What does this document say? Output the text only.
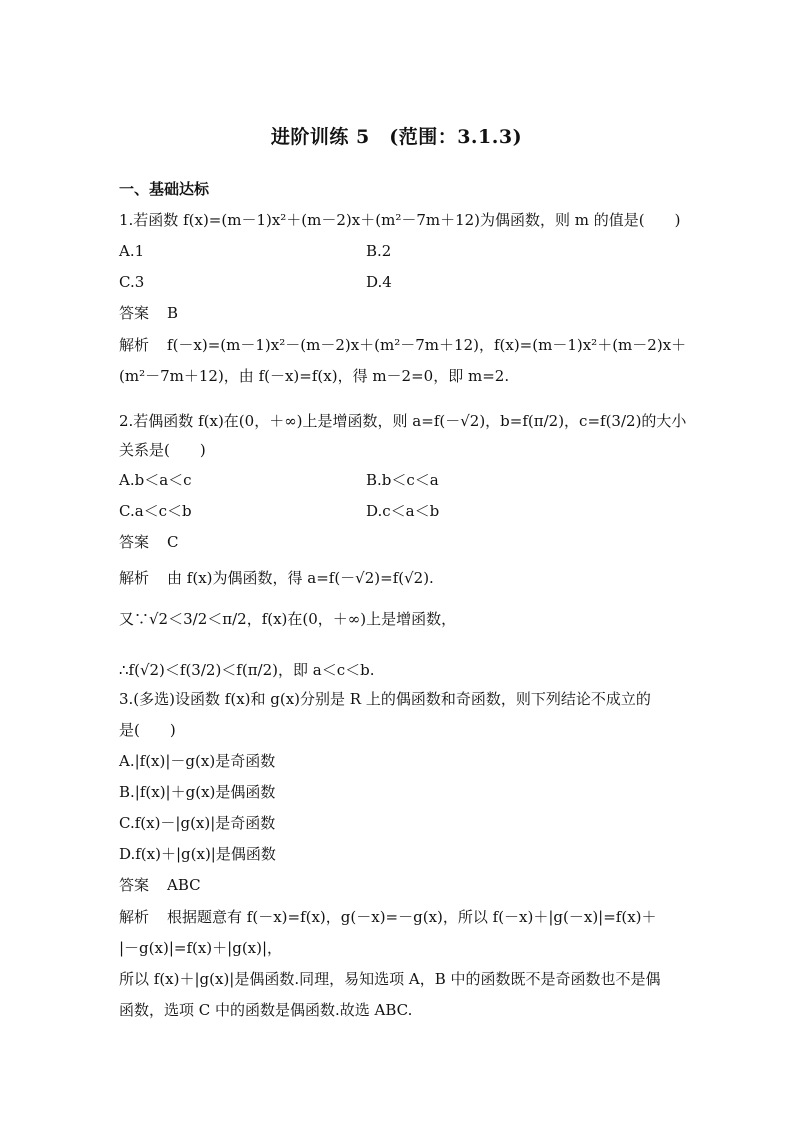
进阶训练 5　(范围：3.1.3)
一、基础达标
1.若函数 f(x)=(m－1)x²＋(m－2)x＋(m²－7m＋12)为偶函数，则 m 的值是(　　)
A.1	B.2
C.3	D.4
答案 B
解析 f(－x)=(m－1)x²－(m－2)x＋(m²－7m＋12)，f(x)=(m－1)x²＋(m－2)x＋
(m²－7m＋12)，由 f(－x)=f(x)，得 m－2=0，即 m=2.
2.若偶函数 f(x)在(0，＋∞)上是增函数，则 a=f(－√2)，b=f(π/2)，c=f(3/2)的大小
关系是(　　)
A.b＜a＜c	B.b＜c＜a
C.a＜c＜b	D.c＜a＜b
答案 C
解析 由 f(x)为偶函数，得 a=f(－√2)=f(√2).
又∵√2＜3/2＜π/2，f(x)在(0，＋∞)上是增函数，
∴f(√2)＜f(3/2)＜f(π/2)，即 a＜c＜b.
3.(多选)设函数 f(x)和 g(x)分别是 R 上的偶函数和奇函数，则下列结论不成立的
是(　　)
A.|f(x)|－g(x)是奇函数
B.|f(x)|＋g(x)是偶函数
C.f(x)－|g(x)|是奇函数
D.f(x)＋|g(x)|是偶函数
答案 ABC
解析 根据题意有 f(－x)=f(x)，g(－x)=－g(x)，所以 f(－x)＋|g(－x)|=f(x)＋
|－g(x)|=f(x)＋|g(x)|，
所以 f(x)＋|g(x)|是偶函数.同理，易知选项 A，B 中的函数既不是奇函数也不是偶
函数，选项 C 中的函数是偶函数.故选 ABC.
